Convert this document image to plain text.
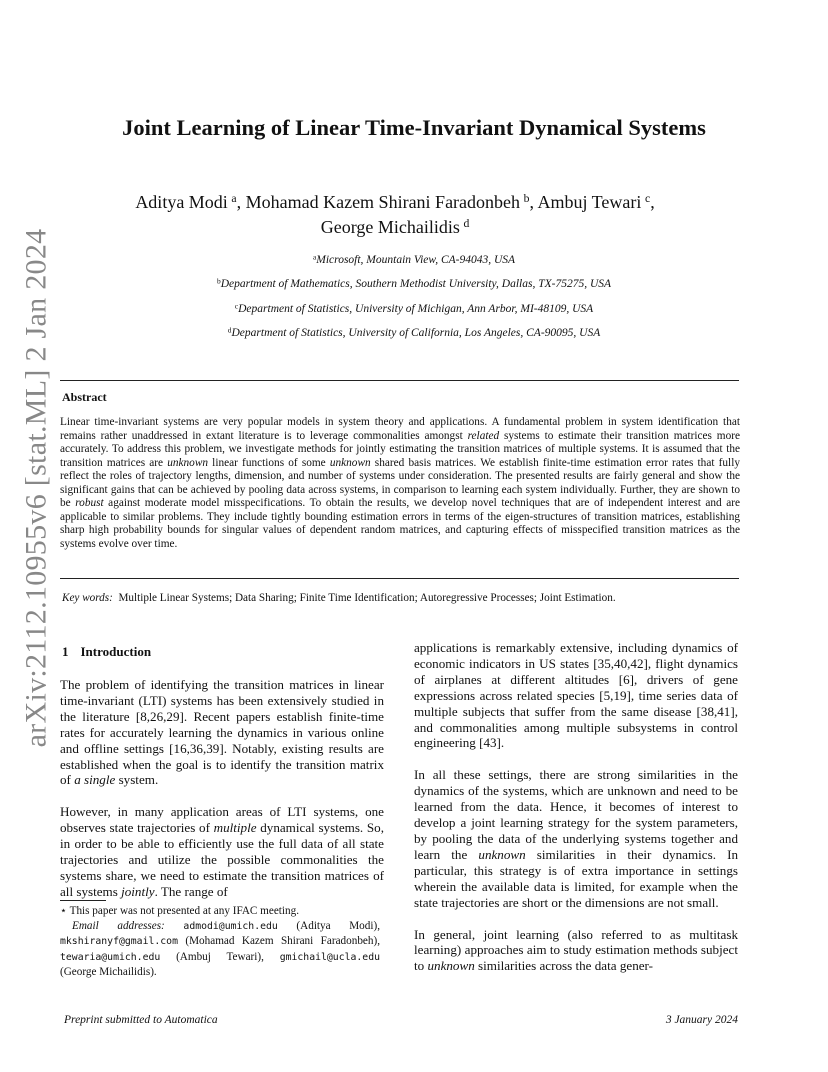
arXiv:2112.10955v6 [stat.ML] 2 Jan 2024
Joint Learning of Linear Time-Invariant Dynamical Systems
Aditya Modi  $^a$, Mohamad Kazem Shirani Faradonbeh  $^b$, Ambuj Tewari  $^c$,
George Michailidis  $^d$
$^a$Microsoft, Mountain View, CA-94043, USA
$^b$Department of Mathematics, Southern Methodist University, Dallas, TX-75275, USA
$^c$Department of Statistics, University of Michigan, Ann Arbor, MI-48109, USA
$^d$Department of Statistics, University of California, Los Angeles, CA-90095, USA
Abstract

Linear time-invariant systems are very popular models in system theory and applications. A fundamental problem in system identification that remains rather unaddressed in extant literature is to leverage commonalities amongst related systems to estimate their transition matrices more accurately. To address this problem, we investigate methods for jointly estimating the transition matrices of multiple systems. It is assumed that the transition matrices are unknown linear functions of some unknown shared basis matrices. We establish finite-time estimation error rates that fully reflect the roles of trajectory lengths, dimension, and number of systems under consideration. The presented results are fairly general and show the significant gains that can be achieved by pooling data across systems, in comparison to learning each system individually. Further, they are shown to be robust against moderate model misspecifications. To obtain the results, we develop novel techniques that are of independent interest and are applicable to similar problems. They include tightly bounding estimation errors in terms of the eigen-structures of transition matrices, establishing sharp high probability bounds for singular values of dependent random matrices, and capturing effects of misspecified transition matrices as the systems evolve over time.

Key words: Multiple Linear Systems; Data Sharing; Finite Time Identification; Autoregressive Processes; Joint Estimation.
1 Introduction

The problem of identifying the transition matrices in linear time-invariant (LTI) systems has been extensively studied in the literature [8,26,29]. Recent papers establish finite-time rates for accurately learning the dynamics in various online and offline settings [16,36,39]. Notably, existing results are established when the goal is to identify the transition matrix of a single system.

However, in many application areas of LTI systems, one observes state trajectories of multiple dynamical systems. So, in order to be able to efficiently use the full data of all state trajectories and utilize the possible commonalities the systems share, we need to estimate the transition matrices of all systems jointly. The range of

applications is remarkably extensive, including dynamics of economic indicators in US states [35,40,42], flight dynamics of airplanes at different altitudes [6], drivers of gene expressions across related species [5,19], time series data of multiple subjects that suffer from the same disease [38,41], and commonalities among multiple subsystems in control engineering [43].

In all these settings, there are strong similarities in the dynamics of the systems, which are unknown and need to be learned from the data. Hence, it becomes of interest to develop a joint learning strategy for the system parameters, by pooling the data of the underlying systems together and learn the unknown similarities in their dynamics. In particular, this strategy is of extra importance in settings wherein the available data is limited, for example when the state trajectories are short or the dimensions are not small.

In general, joint learning (also referred to as multitask learning) approaches aim to study estimation methods subject to unknown similarities across the data gener-

⋆ This paper was not presented at any IFAC meeting.
Email addresses: admodi@umich.edu (Aditya Modi), mkshiranyf@gmail.com (Mohamad Kazem Shirani Faradonbeh), tewaria@umich.edu (Ambuj Tewari), gmichail@ucla.edu (George Michailidis).

Preprint submitted to Automatica	3 January 2024
